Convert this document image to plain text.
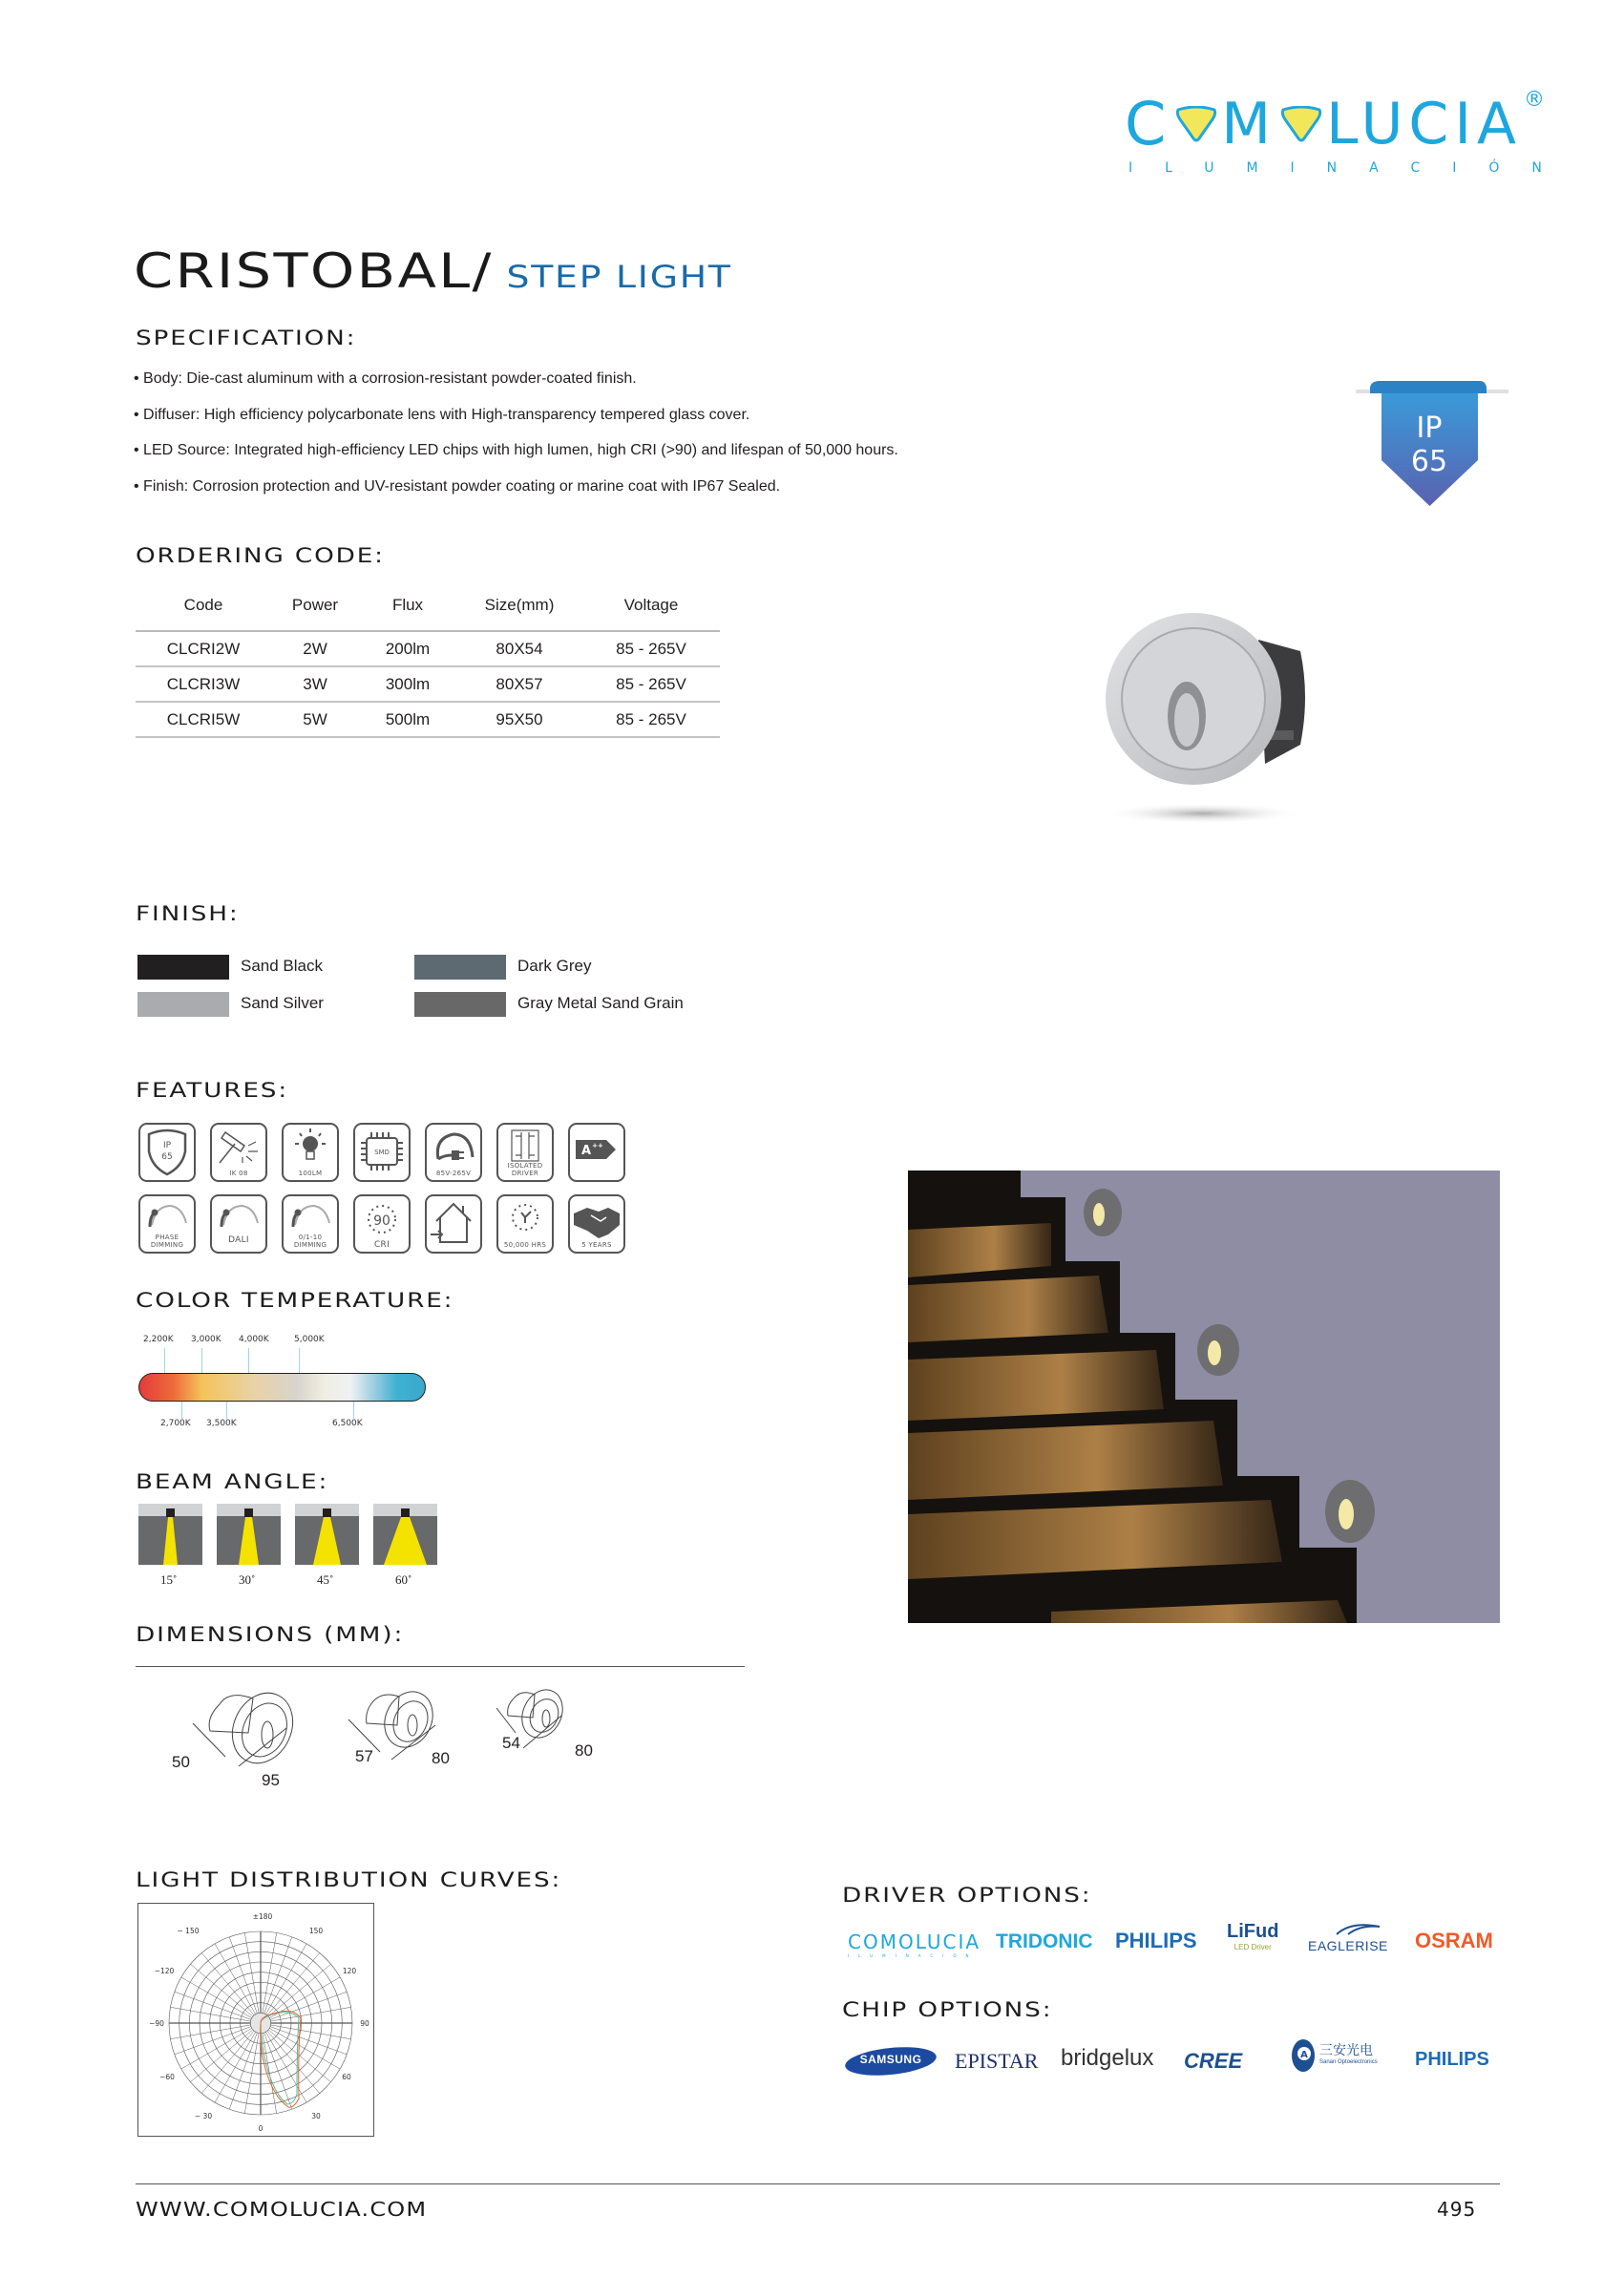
C M LUCIA
ILUMINACIÓN
®
CRISTOBAL/ STEP LIGHT
SPECIFICATION:
• Body: Die-cast aluminum with a corrosion-resistant powder-coated finish.
• Diffuser: High efficiency polycarbonate lens with High-transparency tempered glass cover.
• LED Source: Integrated high-efficiency LED chips with high lumen, high CRI (>90) and lifespan of 50,000 hours.
• Finish: Corrosion protection and UV-resistant powder coating or marine coat with IP67 Sealed.
IP
65
ORDERING CODE:
Code	Power	Flux	Size(mm)	Voltage
CLCRI2W	2W	200lm	80X54	85 - 265V
CLCRI3W	3W	300lm	80X57	85 - 265V
CLCRI5W	5W	500lm	95X50	85 - 265V
FINISH:
Sand Black	Dark Grey
Sand Silver	Gray Metal Sand Grain
FEATURES:
IP
65
IK 08	100LM
SMD
85V-265V
ISOLATED DRIVER
A ++
PHASE DIMMING	DALI	0/1-10 DIMMING
90
CRI	50,000 HRS	5 YEARS
COLOR TEMPERATURE:
2,200K 3,000K 4,000K	5,000K
2,700K 3,500K	6,500K
BEAM ANGLE:
15˚	30˚	45˚	60˚
DIMENSIONS (MM):
50
95
57	80
54	80
LIGHT DISTRIBUTION CURVES:
±180
− 150	150
−120	120
−90	90
−60	60
− 30	30
0
DRIVER OPTIONS:
COMOLUCIA
ILUMINACIÓN
TRIDONIC PHILIPS LiFud
LED Driver	EAGLERISE	OSRAM
CHIP OPTIONS:
SAMSUNG	EPISTAR bridgelux CREE	A 三安光电
Sanan Optoelectronics PHILIPS
WWW.COMOLUCIA.COM	495
